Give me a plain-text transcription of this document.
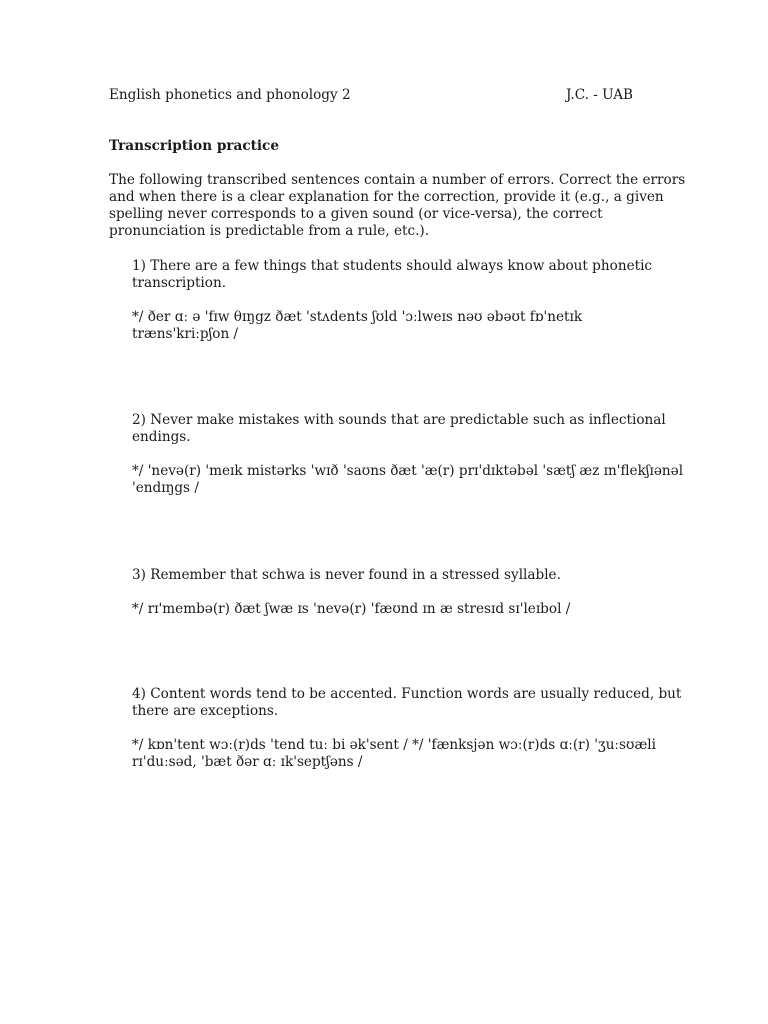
English phonetics and phonology 2	J.C. - UAB
Transcription practice
The following transcribed sentences contain a number of errors. Correct the errors
and when there is a clear explanation for the correction, provide it (e.g., a given
spelling never corresponds to a given sound (or vice-versa), the correct
pronunciation is predictable from a rule, etc.).
1) There are a few things that students should always know about phonetic
transcription.
*/ ðer ɑː ə 'fɪw θɪŋgz ðæt 'stʌdents ʃʊld 'ɔːlweɪs nəʊ əbəʊt fɒ'netɪk
træns'kriːpʃon /
2) Never make mistakes with sounds that are predictable such as inflectional
endings.
*/ 'nevə(r) 'meɪk mistərks 'wɪð 'saʊns ðæt 'æ(r) prɪ'dɪktəbəl 'sætʃ æz ɪn'flekʃɪənəl
'endɪŋgs /
3) Remember that schwa is never found in a stressed syllable.
*/ rɪ'membə(r) ðæt ʃwæ ɪs 'nevə(r) 'fæʊnd ɪn æ stresɪd sɪ'leɪbol /
4) Content words tend to be accented. Function words are usually reduced, but
there are exceptions.
*/ kɒn'tent wɔː(r)ds 'tend tuː bi ək'sent / */ 'fænksjən wɔː(r)ds ɑː(r) 'ʒuːsʊæli
rɪ'duːsəd, 'bæt ðər ɑː ɪk'septʃəns /
